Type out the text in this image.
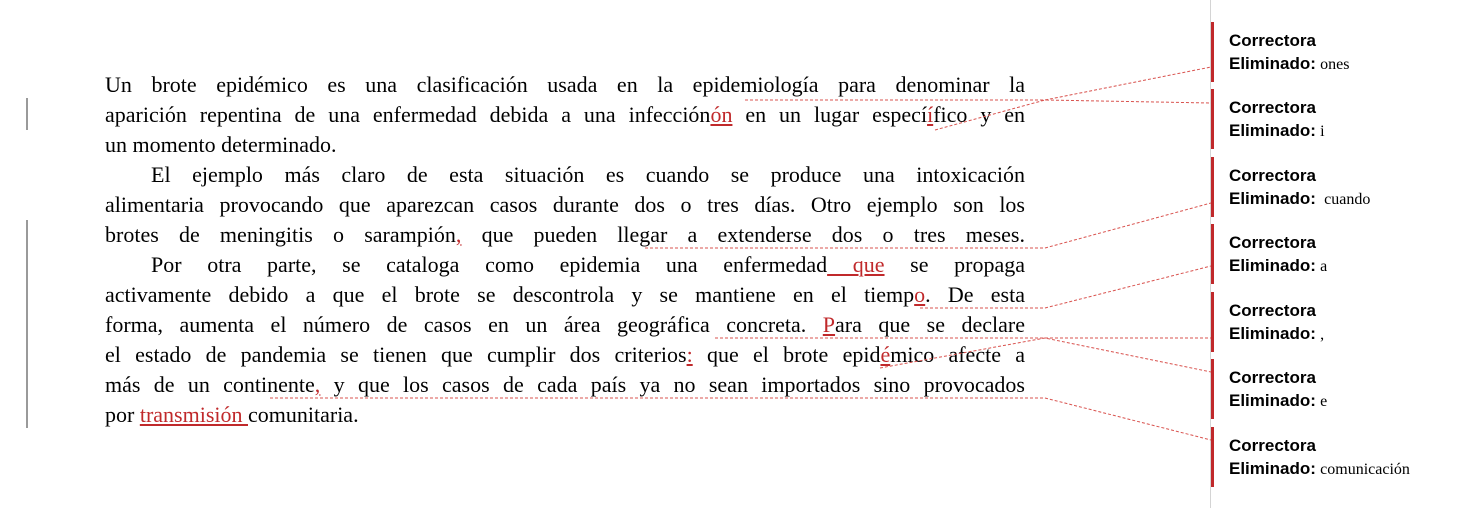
Un brote epidémico es una clasificación usada en la epidemiología para denominar la
aparición repentina de una enfermedad debida a una infecciónón en un lugar especíífico y en
un momento determinado.
El ejemplo más claro de esta situación es cuando se produce una intoxicación
alimentaria provocando que aparezcan casos durante dos o tres días. Otro ejemplo son los
brotes de meningitis o sarampión, que pueden llegar a extenderse dos o tres meses.
Por otra parte, se cataloga como epidemia una enfermedad que se propaga
activamente debido a que el brote se descontrola y se mantiene en el tiempo. De esta
forma, aumenta el número de casos en un área geográfica concreta. Para que se declare
el estado de pandemia se tienen que cumplir dos criterios: que el brote epidémico afecte a
más de un continente, y que los casos de cada país ya no sean importados sino provocados
por transmisión comunitaria.
Correctora
Eliminado: ones
Correctora
Eliminado: i
Correctora
Eliminado:  cuando
Correctora
Eliminado: a
Correctora
Eliminado: ,
Correctora
Eliminado: e
Correctora
Eliminado: comunicación
